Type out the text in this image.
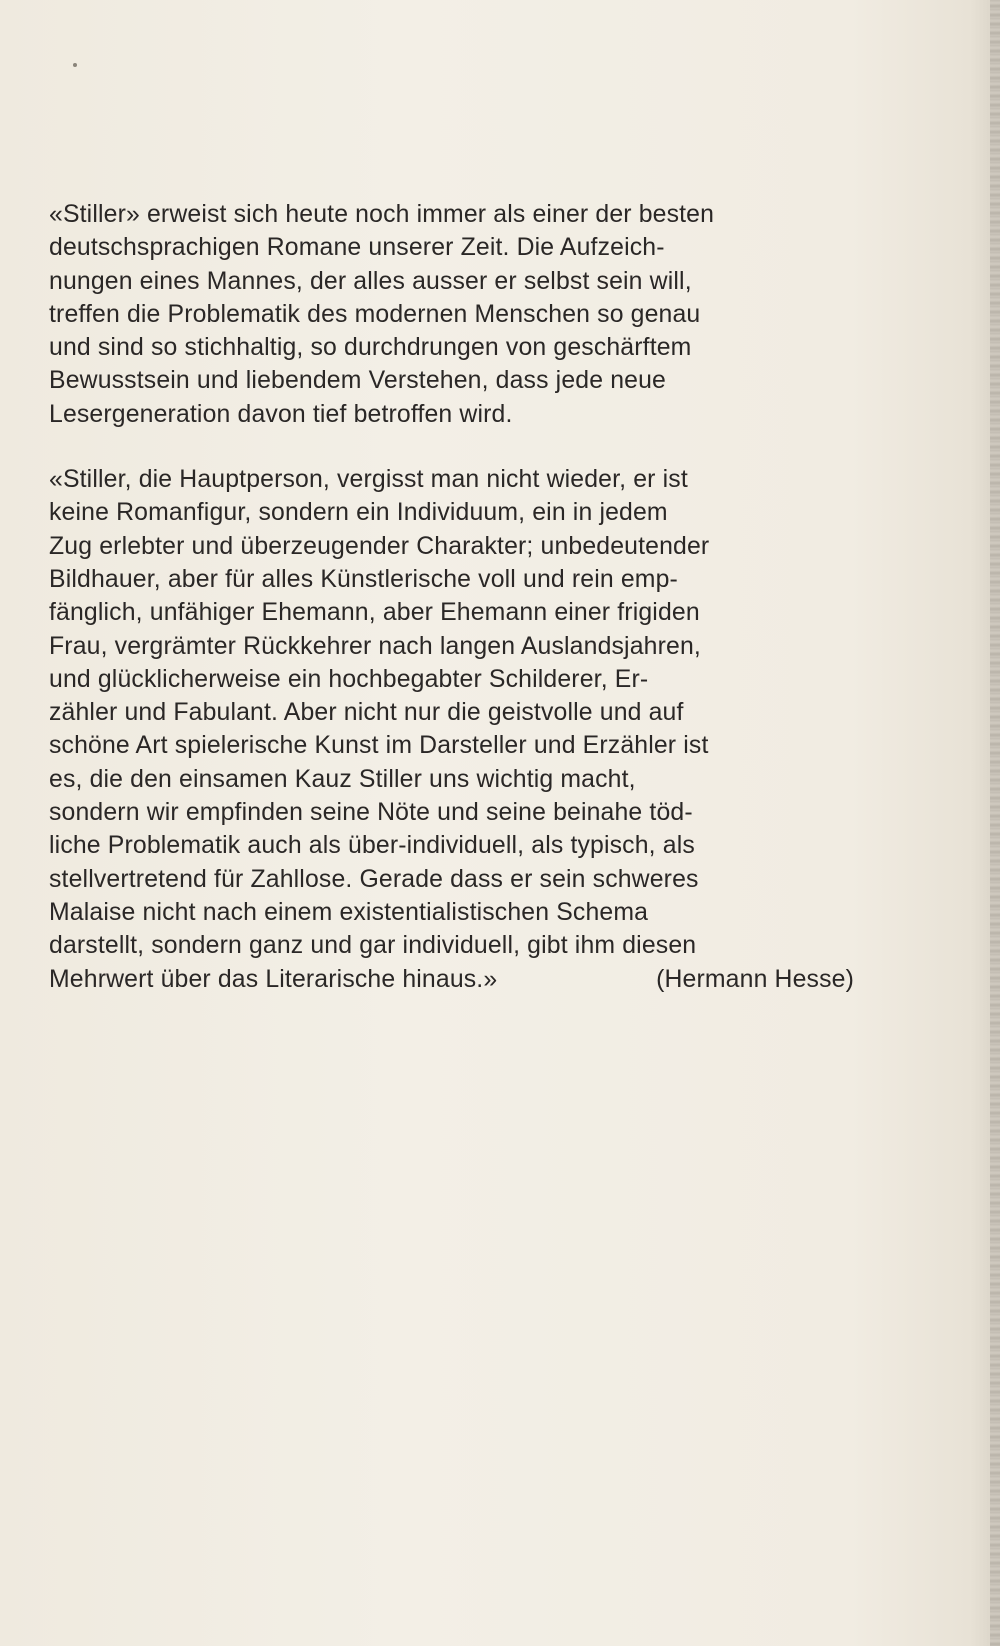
«Stiller» erweist sich heute noch immer als einer der besten
deutschsprachigen Romane unserer Zeit. Die Aufzeich-
nungen eines Mannes, der alles ausser er selbst sein will,
treffen die Problematik des modernen Menschen so genau
und sind so stichhaltig, so durchdrungen von geschärftem
Bewusstsein und liebendem Verstehen, dass jede neue
Lesergeneration davon tief betroffen wird.
«Stiller, die Hauptperson, vergisst man nicht wieder, er ist
keine Romanfigur, sondern ein Individuum, ein in jedem
Zug erlebter und überzeugender Charakter; unbedeutender
Bildhauer, aber für alles Künstlerische voll und rein emp-
fänglich, unfähiger Ehemann, aber Ehemann einer frigiden
Frau, vergrämter Rückkehrer nach langen Auslandsjahren,
und glücklicherweise ein hochbegabter Schilderer, Er-
zähler und Fabulant. Aber nicht nur die geistvolle und auf
schöne Art spielerische Kunst im Darsteller und Erzähler ist
es, die den einsamen Kauz Stiller uns wichtig macht,
sondern wir empfinden seine Nöte und seine beinahe töd-
liche Problematik auch als über-individuell, als typisch, als
stellvertretend für Zahllose. Gerade dass er sein schweres
Malaise nicht nach einem existentialistischen Schema
darstellt, sondern ganz und gar individuell, gibt ihm diesen
Mehrwert über das Literarische hinaus.»	(Hermann Hesse)
